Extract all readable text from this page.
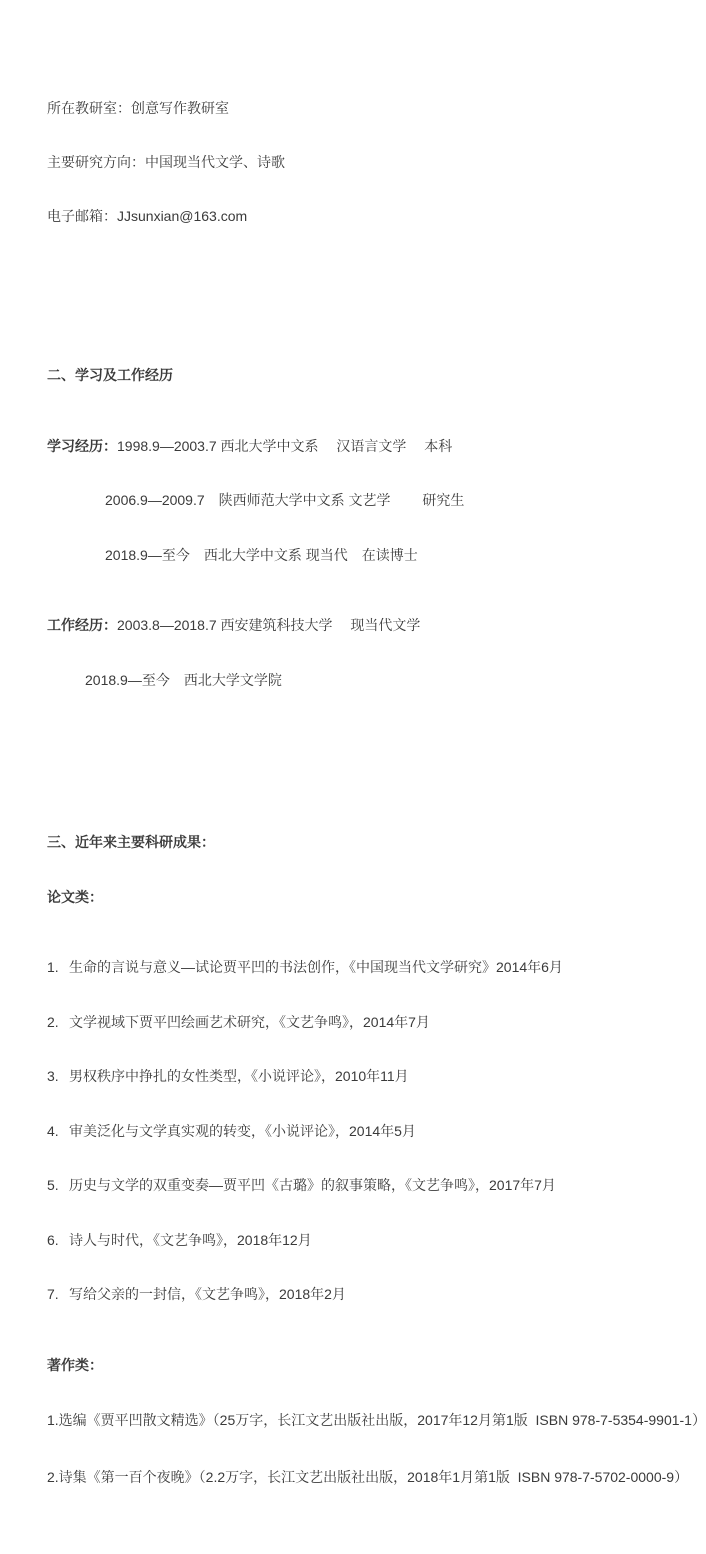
所在教研室：创意写作教研室

主要研究方向：中国现当代文学、诗歌

电子邮箱：JJsunxian@163.com

二、学习及工作经历

学习经历：1998.9—2003.7 西北大学中文系　 汉语言文学　 本科

2006.9—2009.7　陕西师范大学中文系 文艺学　　 研究生

2018.9—至今　西北大学中文系 现当代　在读博士

工作经历：2003.8—2018.7 西安建筑科技大学　 现当代文学

2018.9—至今　西北大学文学院

三、近年来主要科研成果：

论文类：

1. 生命的言说与意义—试论贾平凹的书法创作，《中国现当代文学研究》2014年6月

2. 文学视域下贾平凹绘画艺术研究，《文艺争鸣》，2014年7月

3. 男权秩序中挣扎的女性类型，《小说评论》，2010年11月

4. 审美泛化与文学真实观的转变，《小说评论》，2014年5月

5. 历史与文学的双重变奏—贾平凹《古璐》的叙事策略，《文艺争鸣》，2017年7月

6. 诗人与时代，《文艺争鸣》，2018年12月

7. 写给父亲的一封信，《文艺争鸣》，2018年2月

著作类：

1.选编《贾平凹散文精选》（25万字，长江文艺出版社出版，2017年12月第1版  ISBN 978-7-5354-9901-1）

2.诗集《第一百个夜晚》（2.2万字，长江文艺出版社出版，2018年1月第1版  ISBN 978-7-5702-0000-9）
